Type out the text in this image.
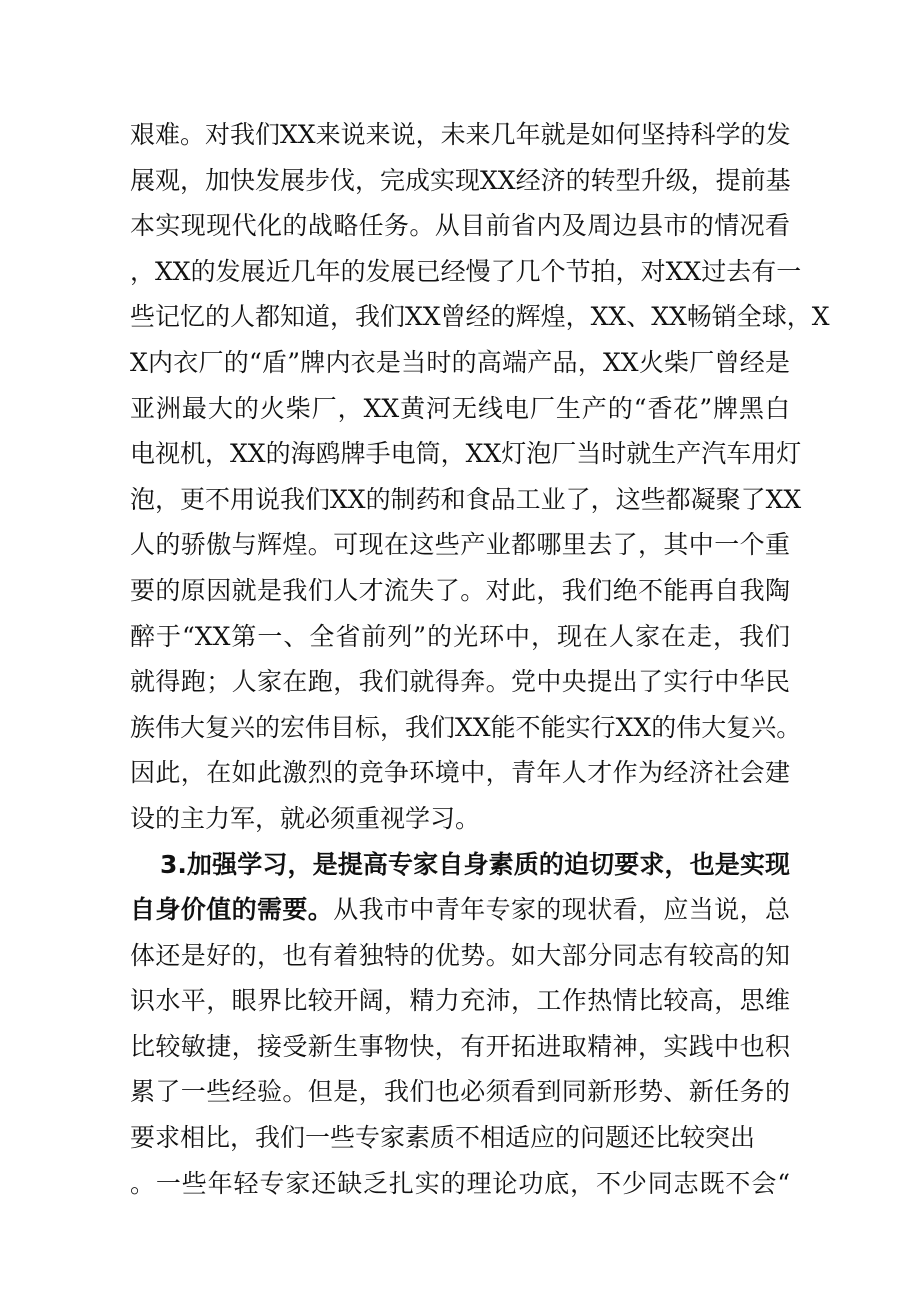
艰难。对我们XX来说来说，未来几年就是如何坚持科学的发
展观，加快发展步伐，完成实现XX经济的转型升级，提前基
本实现现代化的战略任务。从目前省内及周边县市的情况看
，XX的发展近几年的发展已经慢了几个节拍，对XX过去有一
些记忆的人都知道，我们XX曾经的辉煌，XX、XX畅销全球，X
X内衣厂的“盾”牌内衣是当时的高端产品，XX火柴厂曾经是
亚洲最大的火柴厂，XX黄河无线电厂生产的“香花”牌黑白
电视机，XX的海鸥牌手电筒，XX灯泡厂当时就生产汽车用灯
泡，更不用说我们XX的制药和食品工业了，这些都凝聚了XX
人的骄傲与辉煌。可现在这些产业都哪里去了，其中一个重
要的原因就是我们人才流失了。对此，我们绝不能再自我陶
醉于“XX第一、全省前列”的光环中，现在人家在走，我们
就得跑；人家在跑，我们就得奔。党中央提出了实行中华民
族伟大复兴的宏伟目标，我们XX能不能实行XX的伟大复兴。
因此，在如此激烈的竞争环境中，青年人才作为经济社会建
设的主力军，就必须重视学习。
3.加强学习，是提高专家自身素质的迫切要求，也是实现
自身价值的需要。从我市中青年专家的现状看，应当说，总
体还是好的，也有着独特的优势。如大部分同志有较高的知
识水平，眼界比较开阔，精力充沛，工作热情比较高，思维
比较敏捷，接受新生事物快，有开拓进取精神，实践中也积
累了一些经验。但是，我们也必须看到同新形势、新任务的
要求相比，我们一些专家素质不相适应的问题还比较突出
。一些年轻专家还缺乏扎实的理论功底，不少同志既不会“
